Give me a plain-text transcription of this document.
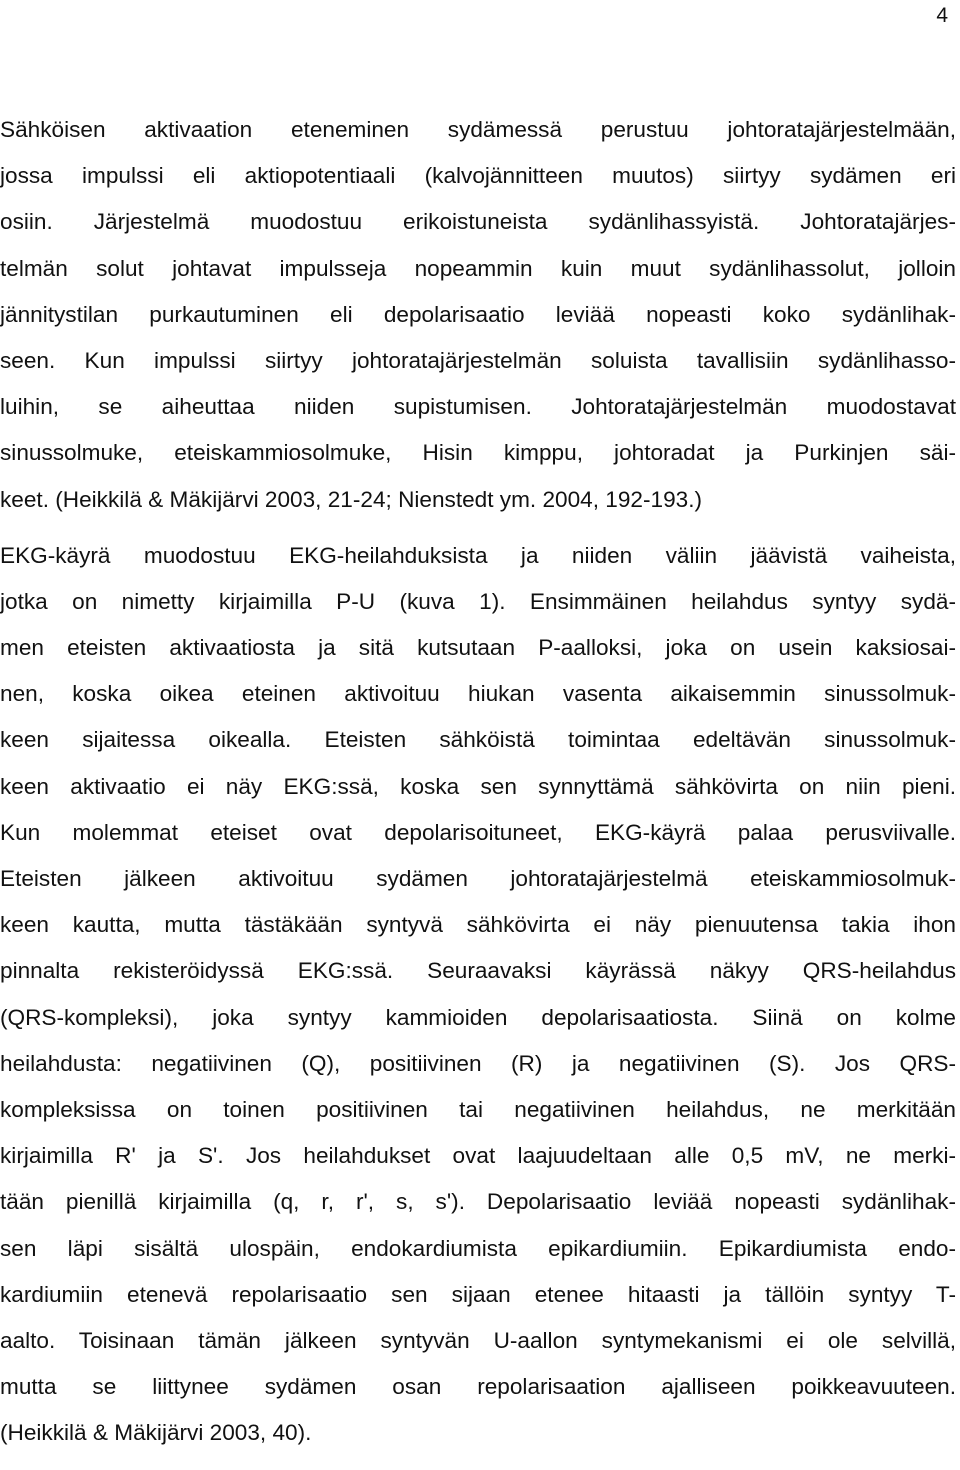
4
Sähköisen aktivaation eteneminen sydämessä perustuu johtoratajärjestelmään,
jossa impulssi eli aktiopotentiaali (kalvojännitteen muutos) siirtyy sydämen eri
osiin. Järjestelmä muodostuu erikoistuneista sydänlihassyistä. Johtoratajärjes-
telmän solut johtavat impulsseja nopeammin kuin muut sydänlihassolut, jolloin
jännitystilan purkautuminen eli depolarisaatio leviää nopeasti koko sydänlihak-
seen. Kun impulssi siirtyy johtoratajärjestelmän soluista tavallisiin sydänlihasso-
luihin, se aiheuttaa niiden supistumisen. Johtoratajärjestelmän muodostavat
sinussolmuke, eteiskammiosolmuke, Hisin kimppu, johtoradat ja Purkinjen säi-
keet. (Heikkilä & Mäkijärvi 2003, 21-24; Nienstedt ym. 2004, 192-193.)
EKG-käyrä muodostuu EKG-heilahduksista ja niiden väliin jäävistä vaiheista,
jotka on nimetty kirjaimilla P-U (kuva 1). Ensimmäinen heilahdus syntyy sydä-
men eteisten aktivaatiosta ja sitä kutsutaan P-aalloksi, joka on usein kaksiosai-
nen, koska oikea eteinen aktivoituu hiukan vasenta aikaisemmin sinussolmuk-
keen sijaitessa oikealla. Eteisten sähköistä toimintaa edeltävän sinussolmuk-
keen aktivaatio ei näy EKG:ssä, koska sen synnyttämä sähkövirta on niin pieni.
Kun molemmat eteiset ovat depolarisoituneet, EKG-käyrä palaa perusviivalle.
Eteisten jälkeen aktivoituu sydämen johtoratajärjestelmä eteiskammiosolmuk-
keen kautta, mutta tästäkään syntyvä sähkövirta ei näy pienuutensa takia ihon
pinnalta rekisteröidyssä EKG:ssä. Seuraavaksi käyrässä näkyy QRS-heilahdus
(QRS-kompleksi), joka syntyy kammioiden depolarisaatiosta. Siinä on kolme
heilahdusta: negatiivinen (Q), positiivinen (R) ja negatiivinen (S). Jos QRS-
kompleksissa on toinen positiivinen tai negatiivinen heilahdus, ne merkitään
kirjaimilla R' ja S'. Jos heilahdukset ovat laajuudeltaan alle 0,5 mV, ne merki-
tään pienillä kirjaimilla (q, r, r', s, s'). Depolarisaatio leviää nopeasti sydänlihak-
sen läpi sisältä ulospäin, endokardiumista epikardiumiin. Epikardiumista endo-
kardiumiin etenevä repolarisaatio sen sijaan etenee hitaasti ja tällöin syntyy T-
aalto. Toisinaan tämän jälkeen syntyvän U-aallon syntymekanismi ei ole selvillä,
mutta se liittynee sydämen osan repolarisaation ajalliseen poikkeavuuteen.
(Heikkilä & Mäkijärvi 2003, 40).
